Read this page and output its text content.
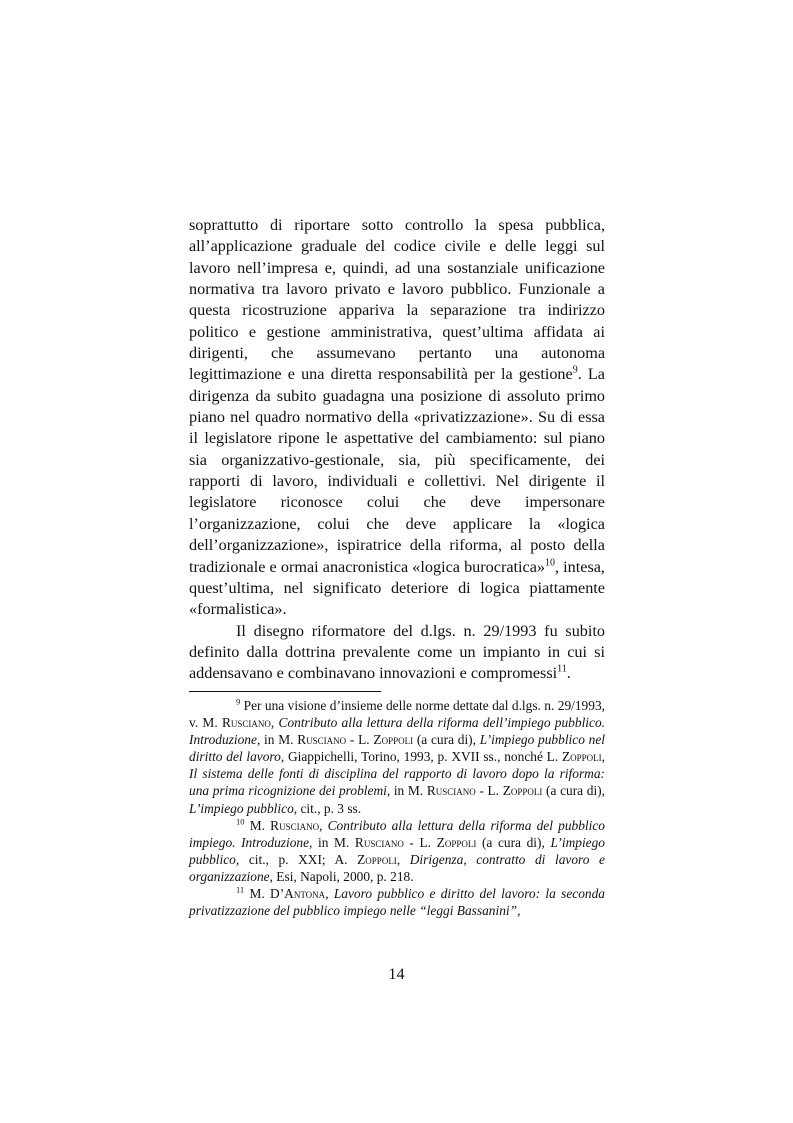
soprattutto di riportare sotto controllo la spesa pubblica, all’applicazione graduale del codice civile e delle leggi sul lavoro nell’impresa e, quindi, ad una sostanziale unificazione normativa tra lavoro privato e lavoro pubblico. Funzionale a questa ricostruzione appariva la separazione tra indirizzo politico e gestione amministrativa, quest’ultima affidata ai dirigenti, che assumevano pertanto una autonoma legittimazione e una diretta responsabilità per la gestione$^9$. La dirigenza da subito guadagna una posizione di assoluto primo piano nel quadro normativo della «privatizzazione». Su di essa il legislatore ripone le aspettative del cambiamento: sul piano sia organizzativo-gestionale, sia, più specificamente, dei rapporti di lavoro, individuali e collettivi. Nel dirigente il legislatore riconosce colui che deve impersonare l’organizzazione, colui che deve applicare la «logica dell’organizzazione», ispiratrice della riforma, al posto della tradizionale e ormai anacronistica «logica burocratica»$^{10}$, intesa, quest’ultima, nel significato deteriore di logica piattamente «formalistica».

Il disegno riformatore del d.lgs. n. 29/1993 fu subito definito dalla dottrina prevalente come un impianto in cui si addensavano e combinavano innovazioni e compromessi$^{11}$.

$^9$ Per una visione d’insieme delle norme dettate dal d.lgs. n. 29/1993, v. M. Rusciano, Contributo alla lettura della riforma dell’impiego pubblico. Introduzione, in M. Rusciano - L. Zoppoli (a cura di), L’impiego pubblico nel diritto del lavoro, Giappichelli, Torino, 1993, p. XVII ss., nonché L. Zoppoli, Il sistema delle fonti di disciplina del rapporto di lavoro dopo la riforma: una prima ricognizione dei problemi, in M. Rusciano - L. Zoppoli (a cura di), L’impiego pubblico, cit., p. 3 ss.

$^{10}$ M. Rusciano, Contributo alla lettura della riforma del pubblico impiego. Introduzione, in M. Rusciano - L. Zoppoli (a cura di), L’impiego pubblico, cit., p. XXI; A. Zoppoli, Dirigenza, contratto di lavoro e organizzazione, Esi, Napoli, 2000, p. 218.

$^{11}$ M. D’Antona, Lavoro pubblico e diritto del lavoro: la seconda privatizzazione del pubblico impiego nelle “leggi Bassanini”,

14
